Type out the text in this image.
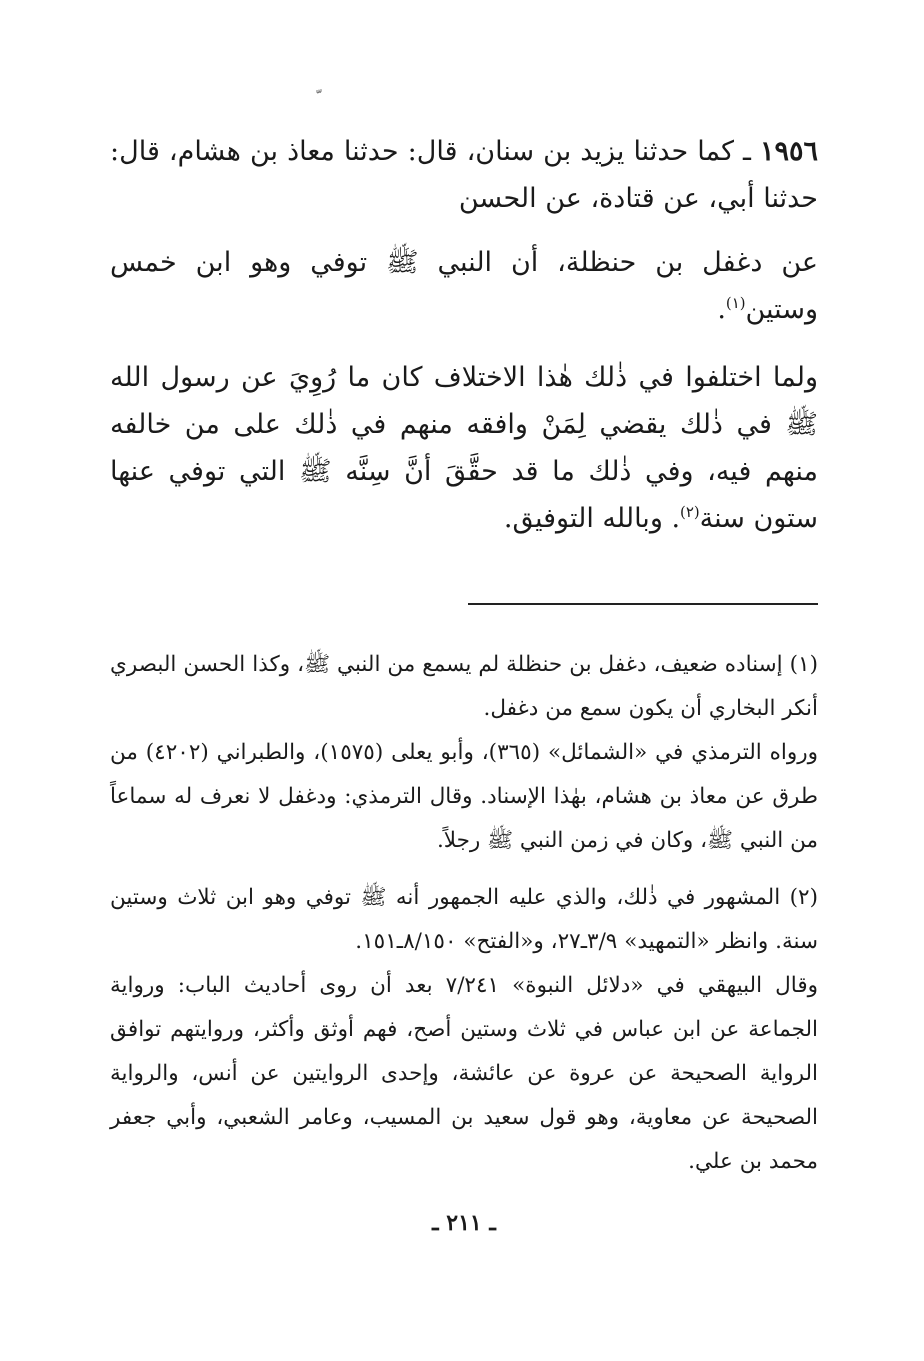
١٩٥٦ ـ كما حدثنا يزيد بن سنان، قال: حدثنا معاذ بن هشام، قال: حدثنا أبي، عن قتادة، عن الحسن

عن دغفل بن حنظلة، أن النبي ﷺ توفي وهو ابن خمس وستين$^{(١)}$.

ولما اختلفوا في ذٰلك هٰذا الاختلاف كان ما رُوِيَ عن رسول الله ﷺ في ذٰلك يقضي لِمَنْ وافقه منهم في ذٰلك على من خالفه منهم فيه، وفي ذٰلك ما قد حقَّقَ أنَّ سِنَّه ﷺ التي توفي عنها ستون سنة$^{(٢)}$. وبالله التوفيق.

(١) إسناده ضعيف، دغفل بن حنظلة لم يسمع من النبي ﷺ، وكذا الحسن البصري أنكر البخاري أن يكون سمع من دغفل.

ورواه الترمذي في «الشمائل» (٣٦٥)، وأبو يعلى (١٥٧٥)، والطبراني (٤٢٠٢) من طرق عن معاذ بن هشام، بهٰذا الإسناد. وقال الترمذي: ودغفل لا نعرف له سماعاً من النبي ﷺ، وكان في زمن النبي ﷺ رجلاً.

(٢) المشهور في ذٰلك، والذي عليه الجمهور أنه ﷺ توفي وهو ابن ثلاث وستين سنة. وانظر «التمهيد» ٣/٩ـ٢٧، و«الفتح» ٨/١٥٠ـ١٥١.

وقال البيهقي في «دلائل النبوة» ٧/٢٤١ بعد أن روى أحاديث الباب: ورواية الجماعة عن ابن عباس في ثلاث وستين أصح، فهم أوثق وأكثر، وروايتهم توافق الرواية الصحيحة عن عروة عن عائشة، وإحدى الروايتين عن أنس، والرواية الصحيحة عن معاوية، وهو قول سعيد بن المسيب، وعامر الشعبي، وأبي جعفر محمد بن علي.

ـ ٢١١ ـ
